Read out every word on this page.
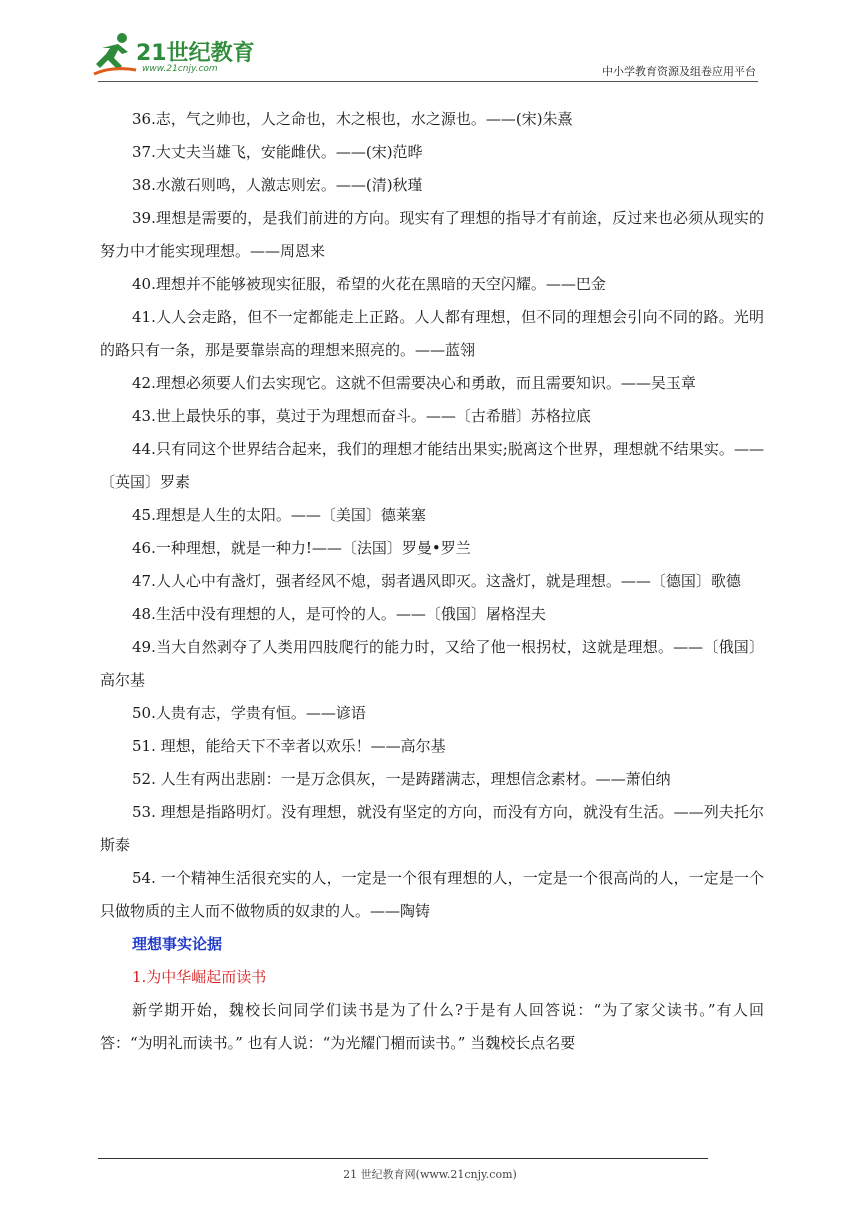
21世纪教育
www.21cnjy.com	中小学教育资源及组卷应用平台

36.志，气之帅也，人之命也，木之根也，水之源也。——(宋)朱熹

37.大丈夫当雄飞，安能雌伏。——(宋)范晔

38.水激石则鸣，人激志则宏。——(清)秋瑾

39.理想是需要的，是我们前进的方向。现实有了理想的指导才有前途，反过来也必须从现实的努力中才能实现理想。——周恩来

40.理想并不能够被现实征服，希望的火花在黑暗的天空闪耀。——巴金

41.人人会走路，但不一定都能走上正路。人人都有理想，但不同的理想会引向不同的路。光明的路只有一条，那是要靠崇高的理想来照亮的。——蓝翎

42.理想必须要人们去实现它。这就不但需要决心和勇敢，而且需要知识。——吴玉章

43.世上最快乐的事，莫过于为理想而奋斗。——〔古希腊〕苏格拉底

44.只有同这个世界结合起来，我们的理想才能结出果实;脱离这个世界，理想就不结果实。——〔英国〕罗素

45.理想是人生的太阳。——〔美国〕德莱塞

46.一种理想，就是一种力!——〔法国〕罗曼•罗兰

47.人人心中有盏灯，强者经风不熄，弱者遇风即灭。这盏灯，就是理想。——〔德国〕歌德

48.生活中没有理想的人，是可怜的人。——〔俄国〕屠格涅夫

49.当大自然剥夺了人类用四肢爬行的能力时，又给了他一根拐杖，这就是理想。——〔俄国〕高尔基

50.人贵有志，学贵有恒。——谚语

51. 理想，能给天下不幸者以欢乐！——高尔基

52. 人生有两出悲剧：一是万念俱灰，一是踌躇满志，理想信念素材。——萧伯纳

53. 理想是指路明灯。没有理想，就没有坚定的方向，而没有方向，就没有生活。——列夫托尔斯泰

54. 一个精神生活很充实的人，一定是一个很有理想的人，一定是一个很高尚的人，一定是一个只做物质的主人而不做物质的奴隶的人。——陶铸

理想事实论据

1.为中华崛起而读书

新学期开始，魏校长问同学们读书是为了什么?于是有人回答说：“为了家父读书。”有人回答：“为明礼而读书。” 也有人说：“为光耀门楣而读书。” 当魏校长点名要

21 世纪教育网(www.21cnjy.com)
